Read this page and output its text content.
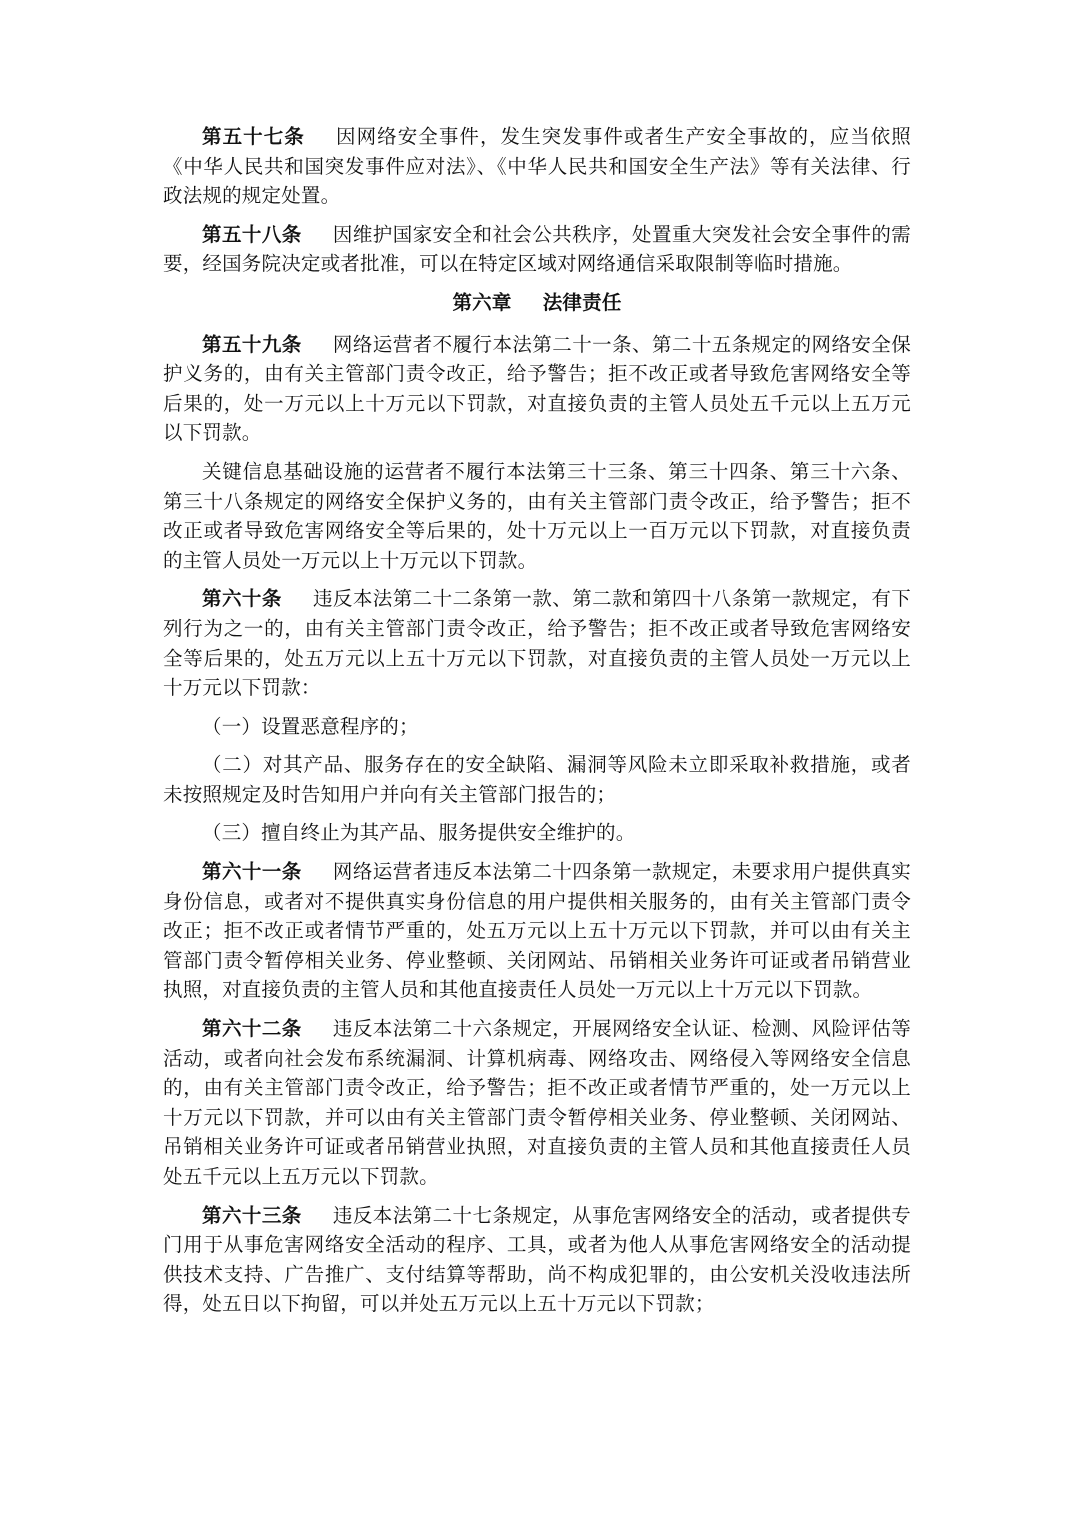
第五十七条 因网络安全事件，发生突发事件或者生产安全事故的，应当依照《中华人民共和国突发事件应对法》、《中华人民共和国安全生产法》等有关法律、行政法规的规定处置。

第五十八条 因维护国家安全和社会公共秩序，处置重大突发社会安全事件的需要，经国务院决定或者批准，可以在特定区域对网络通信采取限制等临时措施。

第六章 法律责任

第五十九条 网络运营者不履行本法第二十一条、第二十五条规定的网络安全保护义务的，由有关主管部门责令改正，给予警告；拒不改正或者导致危害网络安全等后果的，处一万元以上十万元以下罚款，对直接负责的主管人员处五千元以上五万元以下罚款。

关键信息基础设施的运营者不履行本法第三十三条、第三十四条、第三十六条、第三十八条规定的网络安全保护义务的，由有关主管部门责令改正，给予警告；拒不改正或者导致危害网络安全等后果的，处十万元以上一百万元以下罚款，对直接负责的主管人员处一万元以上十万元以下罚款。

第六十条 违反本法第二十二条第一款、第二款和第四十八条第一款规定，有下列行为之一的，由有关主管部门责令改正，给予警告；拒不改正或者导致危害网络安全等后果的，处五万元以上五十万元以下罚款，对直接负责的主管人员处一万元以上十万元以下罚款：

（一）设置恶意程序的；

（二）对其产品、服务存在的安全缺陷、漏洞等风险未立即采取补救措施，或者未按照规定及时告知用户并向有关主管部门报告的；

（三）擅自终止为其产品、服务提供安全维护的。

第六十一条 网络运营者违反本法第二十四条第一款规定，未要求用户提供真实身份信息，或者对不提供真实身份信息的用户提供相关服务的，由有关主管部门责令改正；拒不改正或者情节严重的，处五万元以上五十万元以下罚款，并可以由有关主管部门责令暂停相关业务、停业整顿、关闭网站、吊销相关业务许可证或者吊销营业执照，对直接负责的主管人员和其他直接责任人员处一万元以上十万元以下罚款。

第六十二条 违反本法第二十六条规定，开展网络安全认证、检测、风险评估等活动，或者向社会发布系统漏洞、计算机病毒、网络攻击、网络侵入等网络安全信息的，由有关主管部门责令改正，给予警告；拒不改正或者情节严重的，处一万元以上十万元以下罚款，并可以由有关主管部门责令暂停相关业务、停业整顿、关闭网站、吊销相关业务许可证或者吊销营业执照，对直接负责的主管人员和其他直接责任人员处五千元以上五万元以下罚款。

第六十三条 违反本法第二十七条规定，从事危害网络安全的活动，或者提供专门用于从事危害网络安全活动的程序、工具，或者为他人从事危害网络安全的活动提供技术支持、广告推广、支付结算等帮助，尚不构成犯罪的，由公安机关没收违法所得，处五日以下拘留，可以并处五万元以上五十万元以下罚款；
